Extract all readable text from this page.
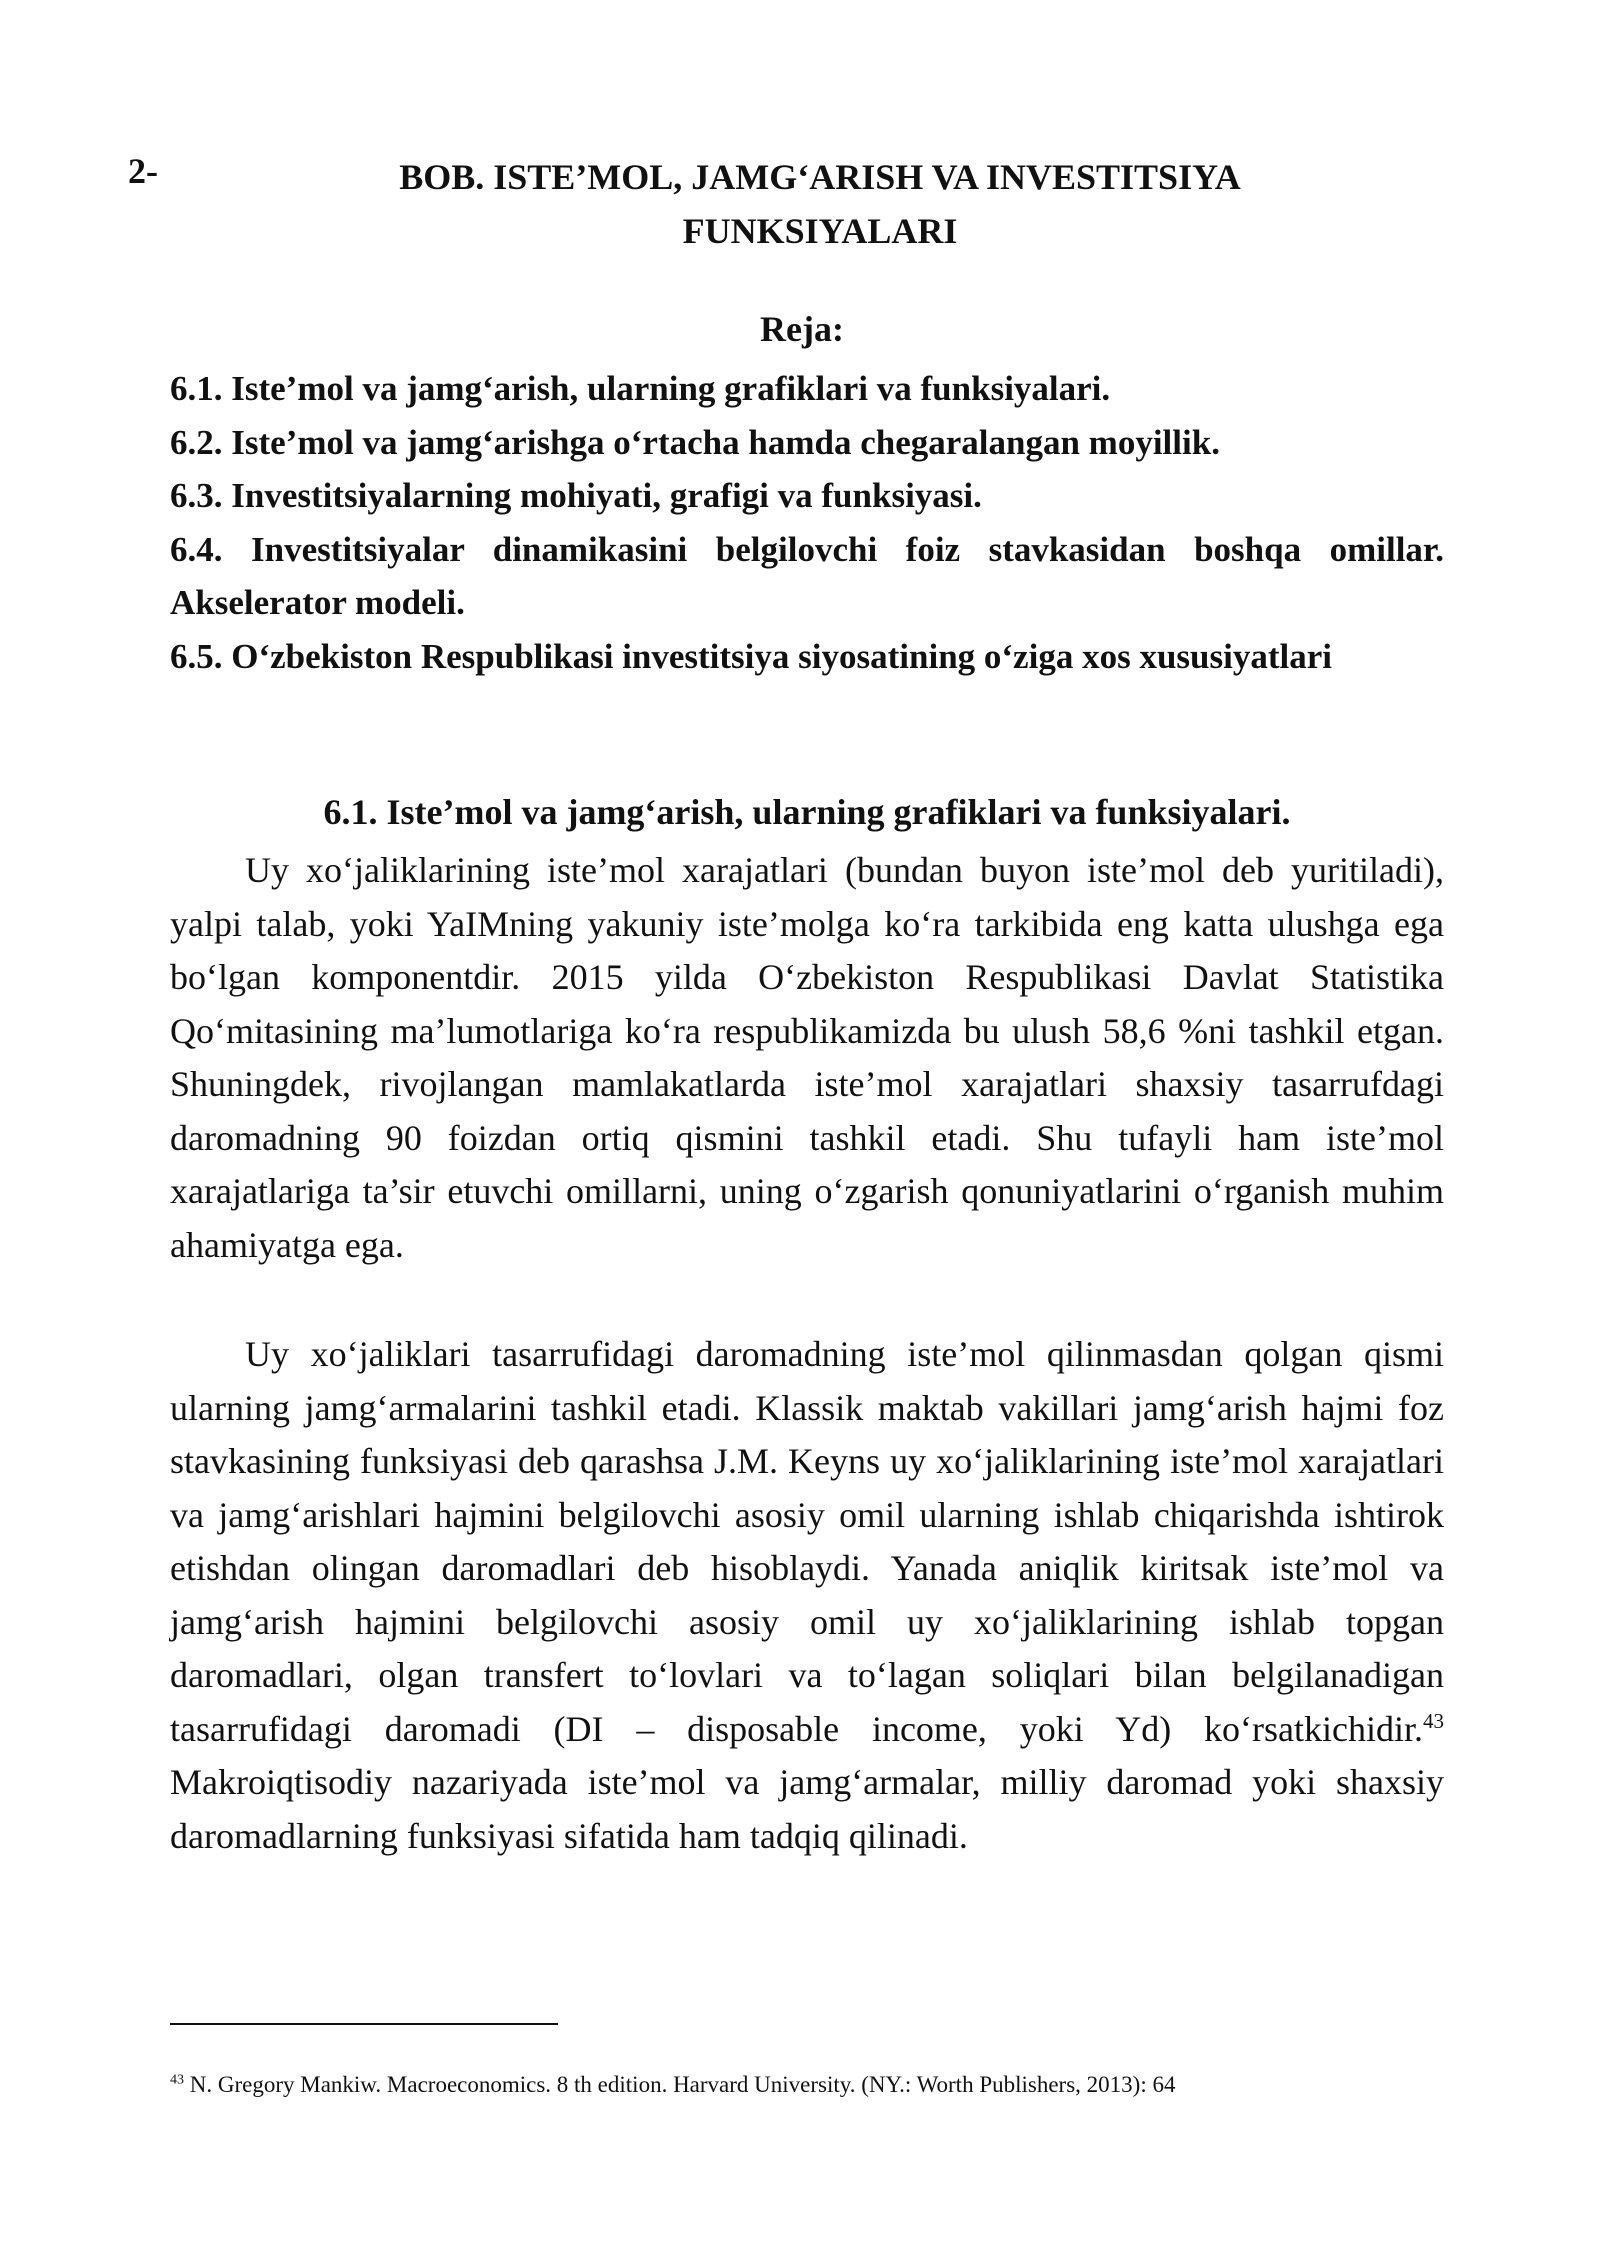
2-	BOB. ISTE’MOL, JAMG‘ARISH VA INVESTITSIYA
FUNKSIYALARI
Reja:
6.1. Iste’mol va jamg‘arish, ularning grafiklari va funksiyalari.
6.2. Iste’mol va jamg‘arishga o‘rtacha hamda chegaralangan moyillik.
6.3. Investitsiyalarning mohiyati, grafigi va funksiyasi.
6.4. Investitsiyalar dinamikasini belgilovchi foiz stavkasidan boshqa omillar. Akselerator modeli.
6.5. O‘zbekiston Respublikasi investitsiya siyosatining o‘ziga xos xususiyatlari
6.1. Iste’mol va jamg‘arish, ularning grafiklari va funksiyalari.

Uy xo‘jaliklarining iste’mol xarajatlari (bundan buyon iste’mol deb yuritiladi), yalpi talab, yoki YaIMning yakuniy iste’molga ko‘ra tarkibida eng katta ulushga ega bo‘lgan komponentdir. 2015 yilda O‘zbekiston Respublikasi Davlat Statistika Qo‘mitasining ma’lumotlariga ko‘ra respublikamizda bu ulush 58,6 %ni tashkil etgan. Shuningdek, rivojlangan mamlakatlarda iste’mol xarajatlari shaxsiy tasarrufdagi daromadning 90 foizdan ortiq qismini tashkil etadi. Shu tufayli ham iste’mol xarajatlariga ta’sir etuvchi omillarni, uning o‘zgarish qonuniyatlarini o‘rganish muhim ahamiyatga ega.

Uy xo‘jaliklari tasarrufidagi daromadning iste’mol qilinmasdan qolgan qismi ularning jamg‘armalarini tashkil etadi. Klassik maktab vakillari jamg‘arish hajmi foz stavkasining funksiyasi deb qarashsa J.M. Keyns uy xo‘jaliklarining iste’mol xarajatlari va jamg‘arishlari hajmini belgilovchi asosiy omil ularning ishlab chiqarishda ishtirok etishdan olingan daromadlari deb hisoblaydi. Yanada aniqlik kiritsak iste’mol va jamg‘arish hajmini belgilovchi asosiy omil uy xo‘jaliklarining ishlab topgan daromadlari, olgan transfert to‘lovlari va to‘lagan soliqlari bilan belgilanadigan tasarrufidagi daromadi (DI – disposable income, yoki Yd) ko‘rsatkichidir.$^{43}$ Makroiqtisodiy nazariyada iste’mol va jamg‘armalar, milliy daromad yoki shaxsiy daromadlarning funksiyasi sifatida ham tadqiq qilinadi.

$^{43}$ N. Gregory Mankiw. Macroeconomics. 8 th edition. Harvard University. (NY.: Worth Publishers, 2013): 64
